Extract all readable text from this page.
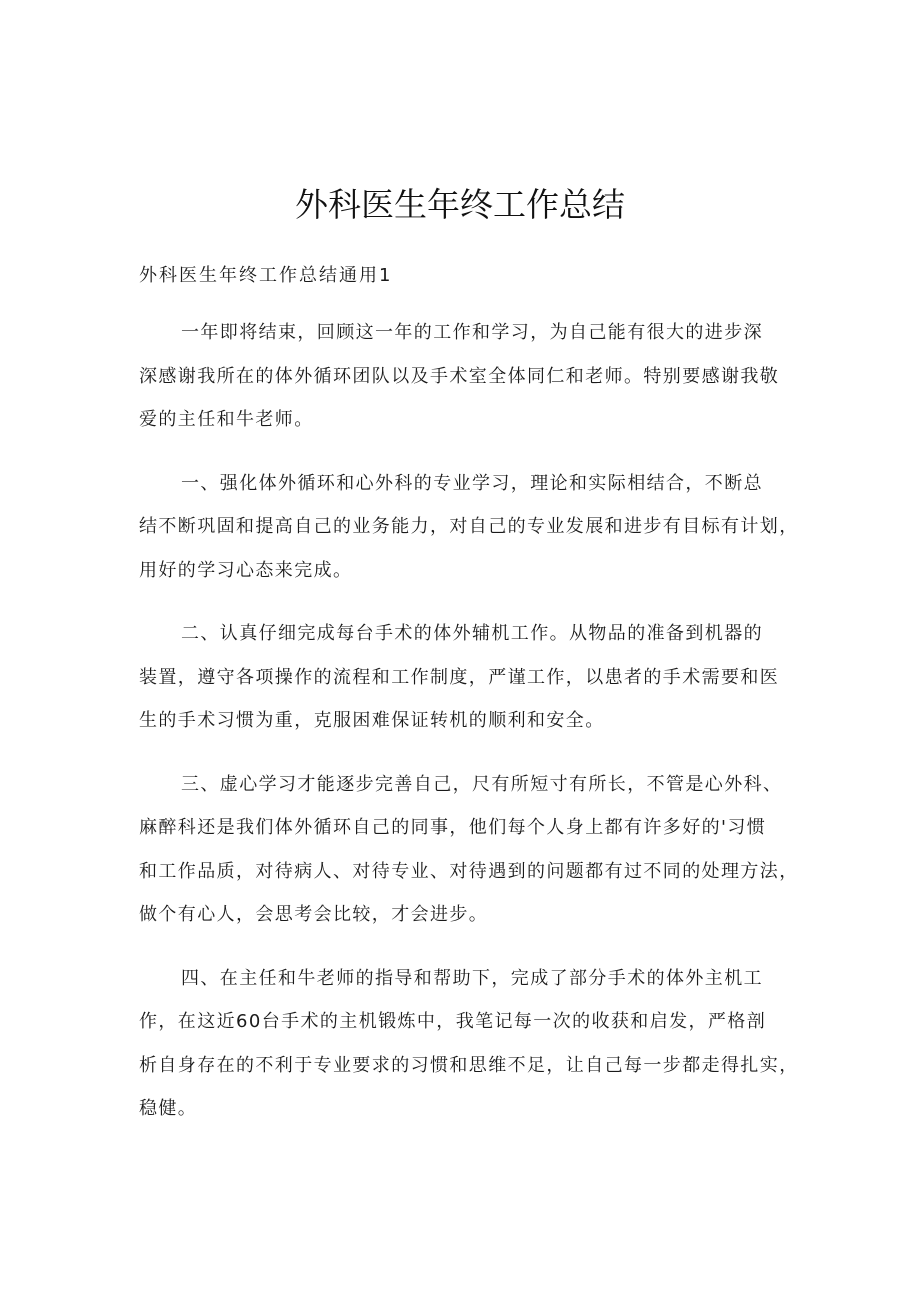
外科医生年终工作总结
外科医生年终工作总结通用1

一年即将结束，回顾这一年的工作和学习，为自己能有很大的进步深
深感谢我所在的体外循环团队以及手术室全体同仁和老师。特别要感谢我敬
爱的主任和牛老师。

一、强化体外循环和心外科的专业学习，理论和实际相结合，不断总
结不断巩固和提高自己的业务能力，对自己的专业发展和进步有目标有计划，
用好的学习心态来完成。

二、认真仔细完成每台手术的体外辅机工作。从物品的准备到机器的
装置，遵守各项操作的流程和工作制度，严谨工作，以患者的手术需要和医
生的手术习惯为重，克服困难保证转机的顺利和安全。

三、虚心学习才能逐步完善自己，尺有所短寸有所长，不管是心外科、
麻醉科还是我们体外循环自己的同事，他们每个人身上都有许多好的'习惯
和工作品质，对待病人、对待专业、对待遇到的问题都有过不同的处理方法，
做个有心人，会思考会比较，才会进步。

四、在主任和牛老师的指导和帮助下，完成了部分手术的体外主机工
作，在这近60台手术的主机锻炼中，我笔记每一次的收获和启发，严格剖
析自身存在的不利于专业要求的习惯和思维不足，让自己每一步都走得扎实，
稳健。
